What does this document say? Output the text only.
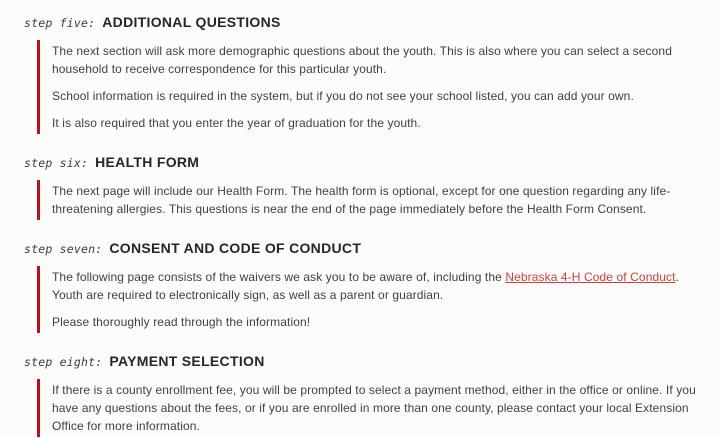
step five: ADDITIONAL QUESTIONS

The next section will ask more demographic questions about the youth. This is also where you can select a second household to receive correspondence for this particular youth.

School information is required in the system, but if you do not see your school listed, you can add your own.

It is also required that you enter the year of graduation for the youth.

step six: HEALTH FORM

The next page will include our Health Form. The health form is optional, except for one question regarding any life-threatening allergies. This questions is near the end of the page immediately before the Health Form Consent.

step seven: CONSENT AND CODE OF CONDUCT

The following page consists of the waivers we ask you to be aware of, including the Nebraska 4-H Code of Conduct. Youth are required to electronically sign, as well as a parent or guardian.

Please thoroughly read through the information!

step eight: PAYMENT SELECTION

If there is a county enrollment fee, you will be prompted to select a payment method, either in the office or online. If you have any questions about the fees, or if you are enrolled in more than one county, please contact your local Extension Office for more information.
